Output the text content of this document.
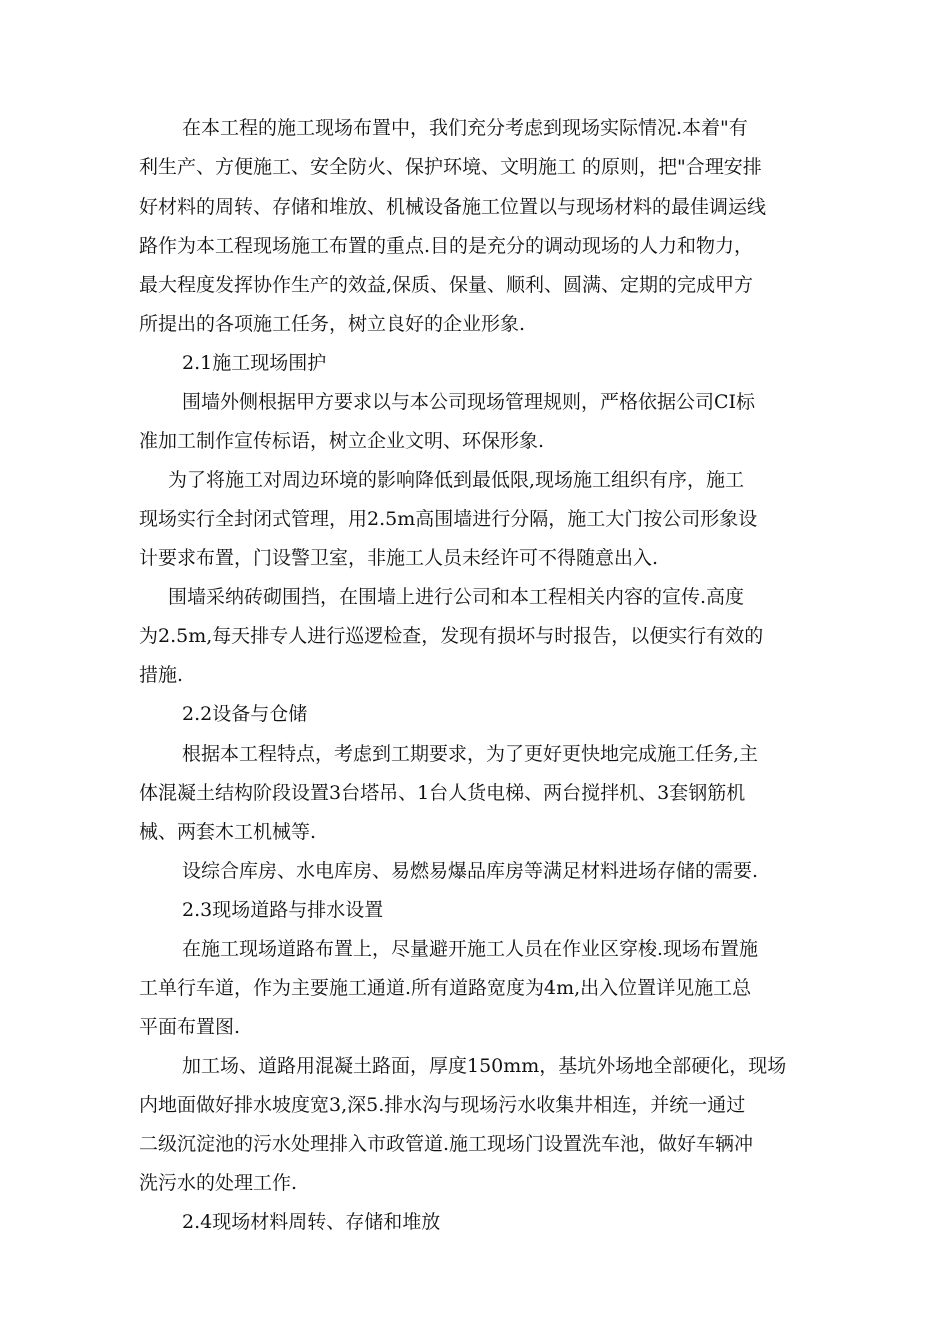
在本工程的施工现场布置中，我们充分考虑到现场实际情况.本着"有
利生产、方便施工、安全防火、保护环境、文明施工 的原则，把"合理安排
好材料的周转、存储和堆放、机械设备施工位置以与现场材料的最佳调运线
路作为本工程现场施工布置的重点.目的是充分的调动现场的人力和物力，
最大程度发挥协作生产的效益,保质、保量、顺利、圆满、定期的完成甲方
所提出的各项施工任务，树立良好的企业形象.
2.1施工现场围护
围墙外侧根据甲方要求以与本公司现场管理规则，严格依据公司CI标
准加工制作宣传标语，树立企业文明、环保形象.
为了将施工对周边环境的影响降低到最低限,现场施工组织有序，施工
现场实行全封闭式管理，用2.5m高围墙进行分隔，施工大门按公司形象设
计要求布置，门设警卫室，非施工人员未经许可不得随意出入.
围墙采纳砖砌围挡，在围墙上进行公司和本工程相关内容的宣传.高度
为2.5m,每天排专人进行巡逻检查，发现有损坏与时报告，以便实行有效的
措施.
2.2设备与仓储
根据本工程特点，考虑到工期要求，为了更好更快地完成施工任务,主
体混凝土结构阶段设置3台塔吊、1台人货电梯、两台搅拌机、3套钢筋机
械、两套木工机械等.
设综合库房、水电库房、易燃易爆品库房等满足材料进场存储的需要.
2.3现场道路与排水设置
在施工现场道路布置上，尽量避开施工人员在作业区穿梭.现场布置施
工单行车道，作为主要施工通道.所有道路宽度为4m,出入位置详见施工总
平面布置图.
加工场、道路用混凝土路面，厚度150mm，基坑外场地全部硬化，现场
内地面做好排水坡度宽3,深5.排水沟与现场污水收集井相连，并统一通过
二级沉淀池的污水处理排入市政管道.施工现场门设置洗车池，做好车辆冲
洗污水的处理工作.
2.4现场材料周转、存储和堆放
